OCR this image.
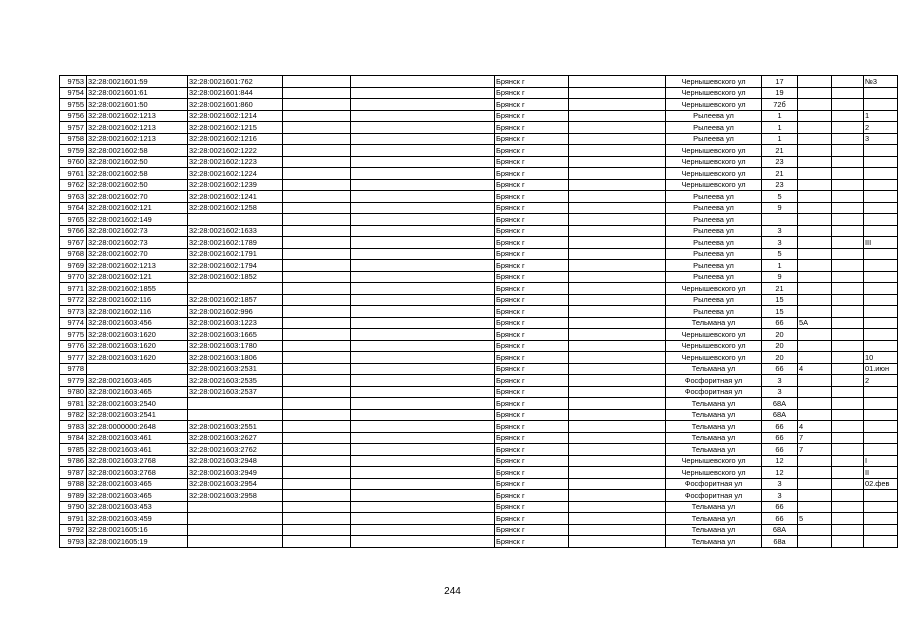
9753	32:28:0021601:59	32:28:0021601:762			Брянск г		Чернышевского ул	17			№3
9754	32:28:0021601:61	32:28:0021601:844			Брянск г		Чернышевского ул	19			
9755	32:28:0021601:50	32:28:0021601:860			Брянск г		Чернышевского ул	72б			
9756	32:28:0021602:1213	32:28:0021602:1214			Брянск г		Рылеева ул	1			1
9757	32:28:0021602:1213	32:28:0021602:1215			Брянск г		Рылеева ул	1			2
9758	32:28:0021602:1213	32:28:0021602:1216			Брянск г		Рылеева ул	1			3
9759	32:28:0021602:58	32:28:0021602:1222			Брянск г		Чернышевского ул	21			
9760	32:28:0021602:50	32:28:0021602:1223			Брянск г		Чернышевского ул	23			
9761	32:28:0021602:58	32:28:0021602:1224			Брянск г		Чернышевского ул	21			
9762	32:28:0021602:50	32:28:0021602:1239			Брянск г		Чернышевского ул	23			
9763	32:28:0021602:70	32:28:0021602:1241			Брянск г		Рылеева ул	5			
9764	32:28:0021602:121	32:28:0021602:1258			Брянск г		Рылеева ул	9			
9765	32:28:0021602:149				Брянск г		Рылеева ул				
9766	32:28:0021602:73	32:28:0021602:1633			Брянск г		Рылеева ул	3			
9767	32:28:0021602:73	32:28:0021602:1789			Брянск г		Рылеева ул	3			III
9768	32:28:0021602:70	32:28:0021602:1791			Брянск г		Рылеева ул	5			
9769	32:28:0021602:1213	32:28:0021602:1794			Брянск г		Рылеева ул	1			
9770	32:28:0021602:121	32:28:0021602:1852			Брянск г		Рылеева ул	9			
9771	32:28:0021602:1855				Брянск г		Чернышевского ул	21			
9772	32:28:0021602:116	32:28:0021602:1857			Брянск г		Рылеева ул	15			
9773	32:28:0021602:116	32:28:0021602:996			Брянск г		Рылеева ул	15			
9774	32:28:0021603:456	32:28:0021603:1223			Брянск г		Тельмана ул	66	5А		
9775	32:28:0021603:1620	32:28:0021603:1665			Брянск г		Чернышевского ул	20			
9776	32:28:0021603:1620	32:28:0021603:1780			Брянск г		Чернышевского ул	20			
9777	32:28:0021603:1620	32:28:0021603:1806			Брянск г		Чернышевского ул	20			10
9778		32:28:0021603:2531			Брянск г		Тельмана ул	66	4		01.июн
9779	32:28:0021603:465	32:28:0021603:2535			Брянск г		Фосфоритная ул	3			2
9780	32:28:0021603:465	32:28:0021603:2537			Брянск г		Фосфоритная ул	3			
9781	32:28:0021603:2540				Брянск г		Тельмана ул	68А			
9782	32:28:0021603:2541				Брянск г		Тельмана ул	68А			
9783	32:28:0000000:2648	32:28:0021603:2551			Брянск г		Тельмана ул	66	4		
9784	32:28:0021603:461	32:28:0021603:2627			Брянск г		Тельмана ул	66	7		
9785	32:28:0021603:461	32:28:0021603:2762			Брянск г		Тельмана ул	66	7		
9786	32:28:0021603:2768	32:28:0021603:2948			Брянск г		Чернышевского ул	12			I
9787	32:28:0021603:2768	32:28:0021603:2949			Брянск г		Чернышевского ул	12			II
9788	32:28:0021603:465	32:28:0021603:2954			Брянск г		Фосфоритная ул	3			02.фев
9789	32:28:0021603:465	32:28:0021603:2958			Брянск г		Фосфоритная ул	3			
9790	32:28:0021603:453				Брянск г		Тельмана ул	66			
9791	32:28:0021603:459				Брянск г		Тельмана ул	66	5		
9792	32:28:0021605:16				Брянск г		Тельмана ул	68А			
9793	32:28:0021605:19				Брянск г		Тельмана ул	68а			
244
